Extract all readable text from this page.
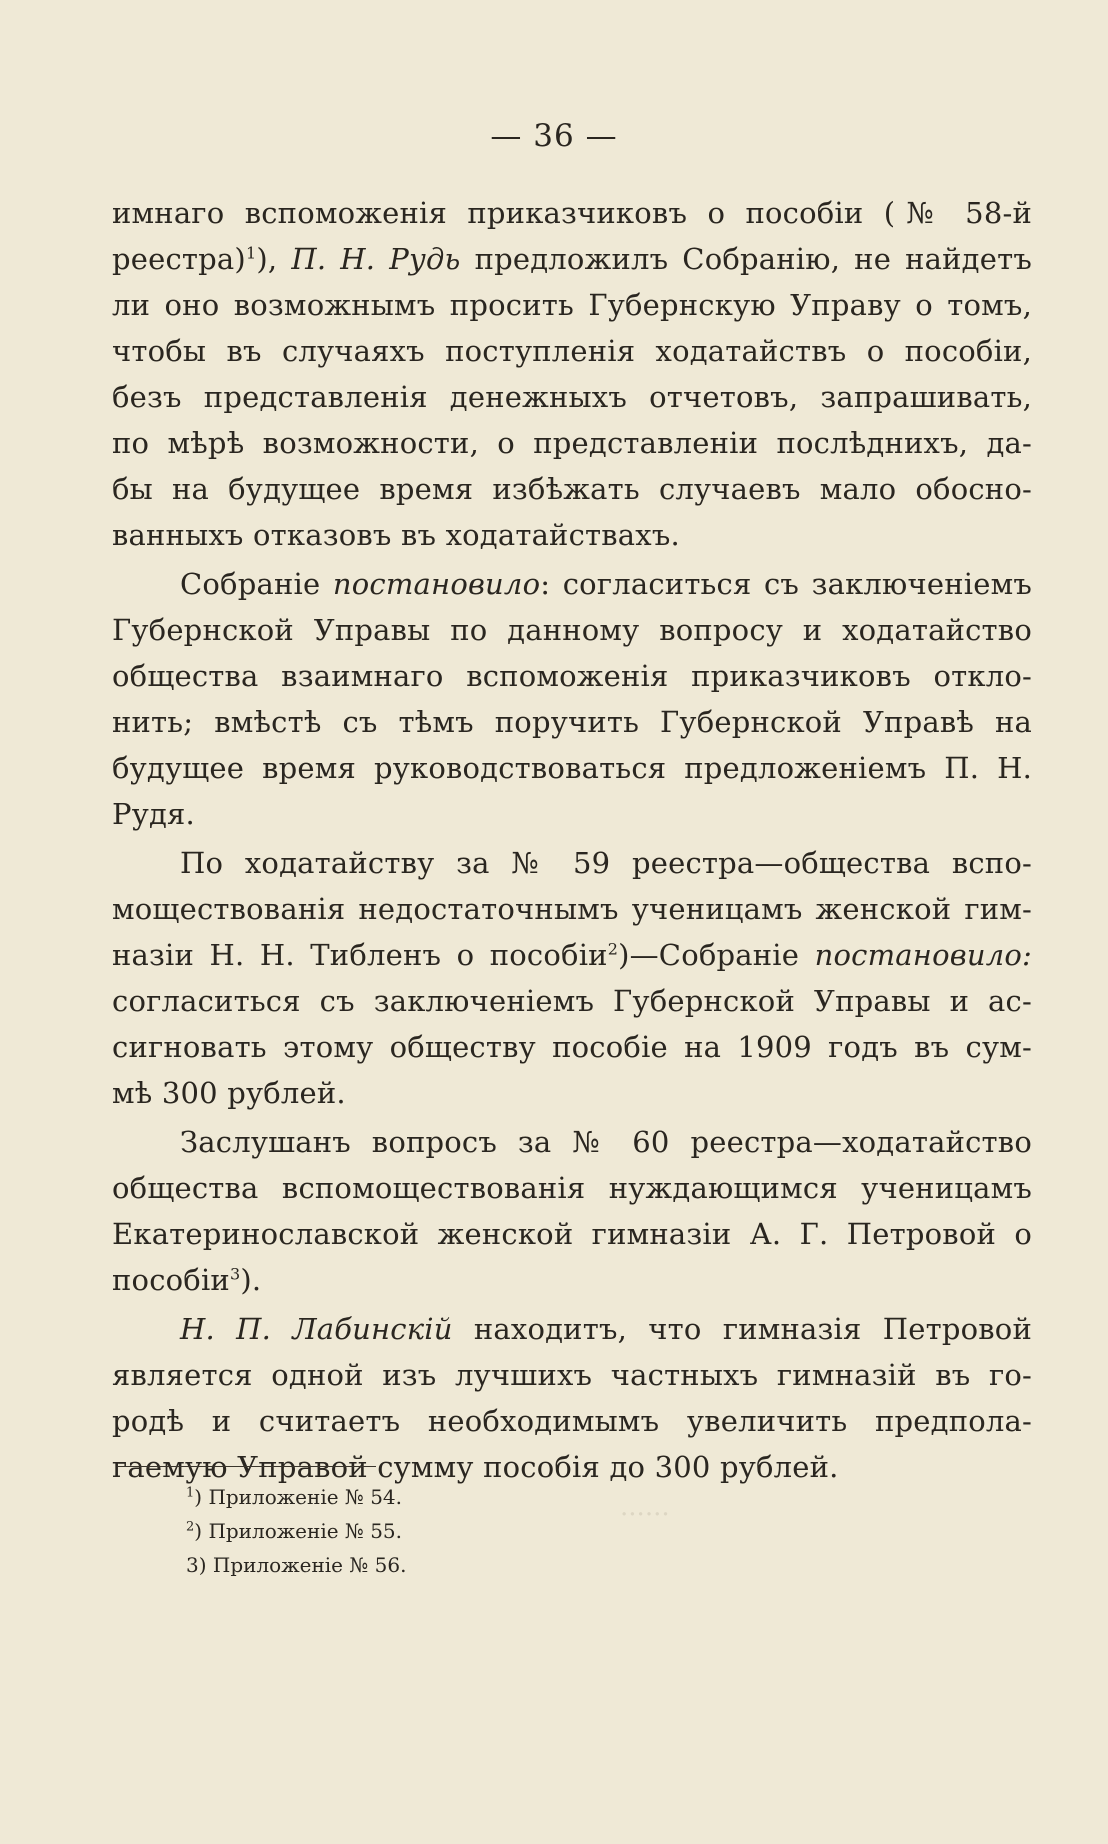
······
— 36 —
имнаго вспоможенія приказчиковъ о пособіи (№ 58-й
реестра)$^1$), П. Н. Рудь предложилъ Собранію, не найдетъ
ли оно возможнымъ просить Губернскую Управу о томъ,
чтобы въ случаяхъ поступленія ходатайствъ о пособіи,
безъ представленія денежныхъ отчетовъ, запрашивать,
по мѣрѣ возможности, о представленіи послѣднихъ, да-
бы на будущее время избѣжать случаевъ мало обосно-
ванныхъ отказовъ въ ходатайствахъ.
Собраніе постановило: согласиться съ заключеніемъ
Губернской Управы по данному вопросу и ходатайство
общества взаимнаго вспоможенія приказчиковъ откло-
нить; вмѣстѣ съ тѣмъ поручить Губернской Управѣ на
будущее время руководствоваться предложеніемъ П. Н.
Рудя.
По ходатайству за № 59 реестра—общества вспо-
моществованія недостаточнымъ ученицамъ женской гим-
назіи Н. Н. Тибленъ о пособіи$^2$)—Собраніе постановило:
согласиться съ заключеніемъ Губернской Управы и ас-
сигновать этому обществу пособіе на 1909 годъ въ сум-
мѣ 300 рублей.
Заслушанъ вопросъ за № 60 реестра—ходатайство
общества вспомоществованія нуждающимся ученицамъ
Екатеринославской женской гимназіи А. Г. Петровой о
пособіи$^3$).
Н. П. Лабинскій находитъ, что гимназія Петровой
является одной изъ лучшихъ частныхъ гимназій въ го-
родѣ и считаетъ необходимымъ увеличить предпола-
гаемую Управой сумму пособія до 300 рублей.
$^1$) Приложеніе № 54.
$^2$) Приложеніе № 55.
3) Приложеніе № 56.
